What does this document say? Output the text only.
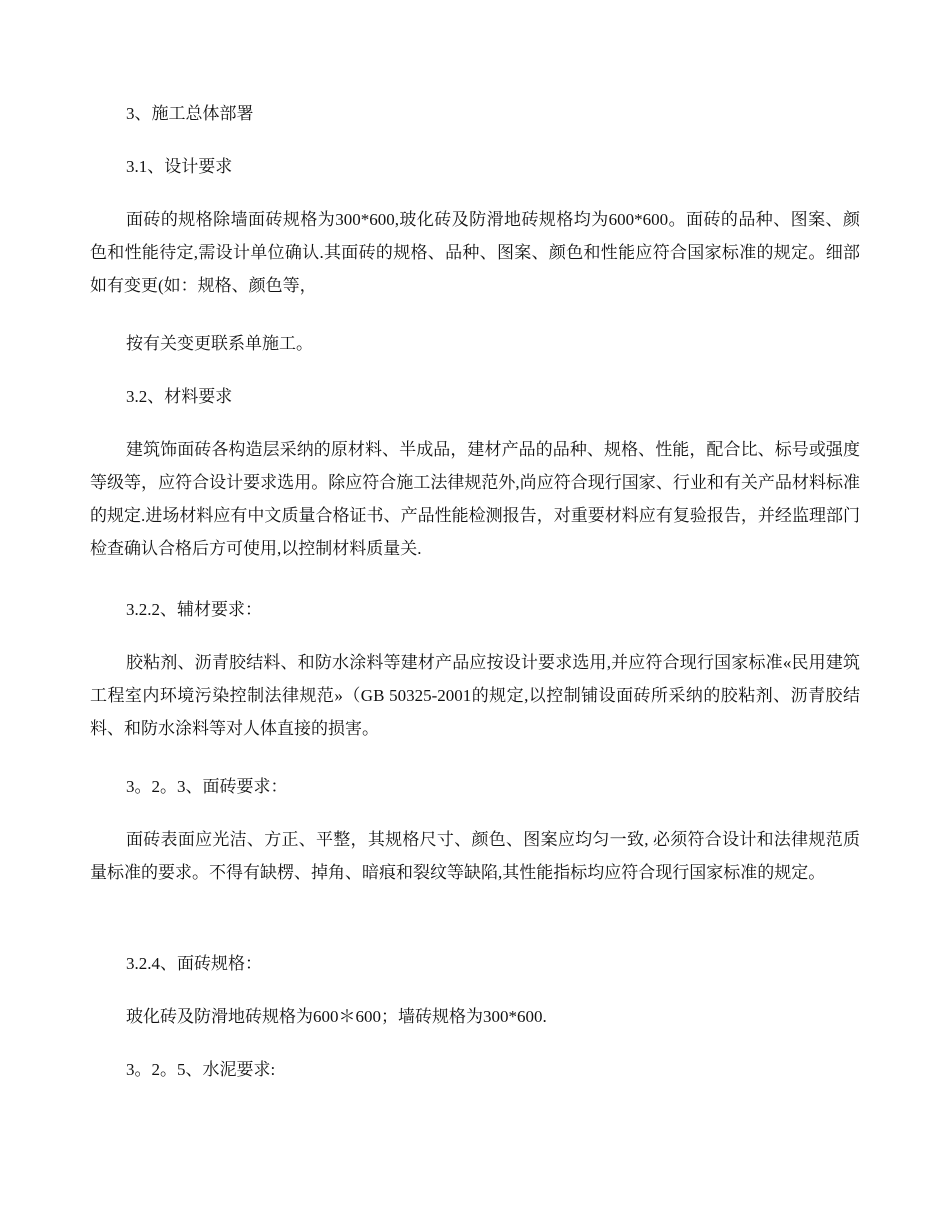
3、施工总体部署

3.1、设计要求

面砖的规格除墙面砖规格为300*600,玻化砖及防滑地砖规格均为600*600。面砖的品种、图案、颜色和性能待定,需设计单位确认.其面砖的规格、品种、图案、颜色和性能应符合国家标准的规定。细部如有变更(如：规格、颜色等，

按有关变更联系单施工。

3.2、材料要求

建筑饰面砖各构造层采纳的原材料、半成品，建材产品的品种、规格、性能，配合比、标号或强度等级等，应符合设计要求选用。除应符合施工法律规范外,尚应符合现行国家、行业和有关产品材料标准的规定.进场材料应有中文质量合格证书、产品性能检测报告，对重要材料应有复验报告，并经监理部门检查确认合格后方可使用,以控制材料质量关.

3.2.2、辅材要求：

胶粘剂、沥青胶结料、和防水涂料等建材产品应按设计要求选用,并应符合现行国家标准«民用建筑工程室内环境污染控制法律规范»（GB 50325-2001的规定,以控制铺设面砖所采纳的胶粘剂、沥青胶结料、和防水涂料等对人体直接的损害。

3。2。3、面砖要求：

面砖表面应光洁、方正、平整，其规格尺寸、颜色、图案应均匀一致, 必须符合设计和法律规范质量标准的要求。不得有缺楞、掉角、暗痕和裂纹等缺陷,其性能指标均应符合现行国家标准的规定。

3.2.4、面砖规格：

玻化砖及防滑地砖规格为600＊600；墙砖规格为300*600.

3。2。5、水泥要求:
